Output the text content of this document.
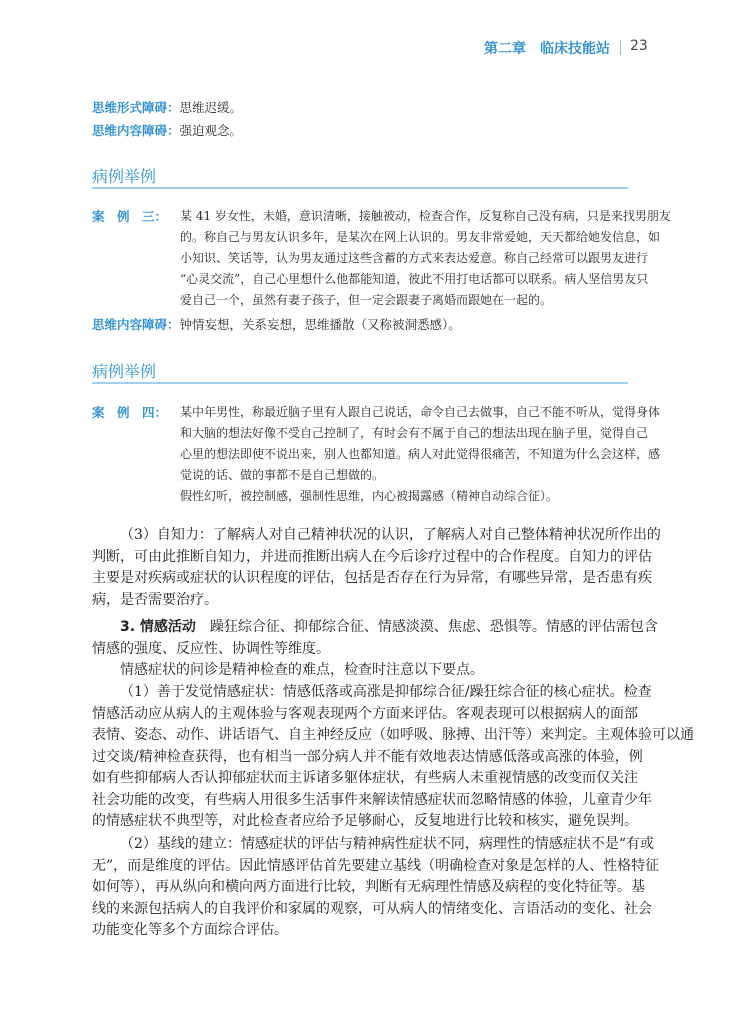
第二章　临床技能站 23
思维形式障碍：思维迟缓。
思维内容障碍：强迫观念。
病例举例
案　例　三：	某 41 岁女性，未婚，意识清晰，接触被动，检查合作，反复称自己没有病，只是来找男朋友
的。称自己与男友认识多年，是某次在网上认识的。男友非常爱她，天天都给她发信息，如
小知识、笑话等，认为男友通过这些含蓄的方式来表达爱意。称自己经常可以跟男友进行
“心灵交流”，自己心里想什么他都能知道，彼此不用打电话都可以联系。病人坚信男友只
爱自己一个，虽然有妻子孩子，但一定会跟妻子离婚而跟她在一起的。
思维内容障碍：钟情妄想，关系妄想，思维播散（又称被洞悉感）。
病例举例
案　例　四：	某中年男性，称最近脑子里有人跟自己说话，命令自己去做事，自己不能不听从，觉得身体
和大脑的想法好像不受自己控制了，有时会有不属于自己的想法出现在脑子里，觉得自己
心里的想法即使不说出来，别人也都知道。病人对此觉得很痛苦，不知道为什么会这样，感
觉说的话、做的事都不是自己想做的。
假性幻听，被控制感，强制性思维，内心被揭露感（精神自动综合征）。
（3）自知力：了解病人对自己精神状况的认识，了解病人对自己整体精神状况所作出的
判断，可由此推断自知力，并进而推断出病人在今后诊疗过程中的合作程度。自知力的评估
主要是对疾病或症状的认识程度的评估，包括是否存在行为异常，有哪些异常，是否患有疾
病，是否需要治疗。
3. 情感活动　躁狂综合征、抑郁综合征、情感淡漠、焦虑、恐惧等。情感的评估需包含
情感的强度、反应性、协调性等维度。
情感症状的问诊是精神检查的难点，检查时注意以下要点。
（1）善于发觉情感症状：情感低落或高涨是抑郁综合征/躁狂综合征的核心症状。检查
情感活动应从病人的主观体验与客观表现两个方面来评估。客观表现可以根据病人的面部
表情、姿态、动作、讲话语气、自主神经反应（如呼吸、脉搏、出汗等）来判定。主观体验可以通
过交谈/精神检查获得，也有相当一部分病人并不能有效地表达情感低落或高涨的体验，例
如有些抑郁病人否认抑郁症状而主诉诸多躯体症状，有些病人未重视情感的改变而仅关注
社会功能的改变，有些病人用很多生活事件来解读情感症状而忽略情感的体验，儿童青少年
的情感症状不典型等，对此检查者应给予足够耐心，反复地进行比较和核实，避免误判。
（2）基线的建立：情感症状的评估与精神病性症状不同，病理性的情感症状不是“有或
无”，而是维度的评估。因此情感评估首先要建立基线（明确检查对象是怎样的人、性格特征
如何等），再从纵向和横向两方面进行比较，判断有无病理性情感及病程的变化特征等。基
线的来源包括病人的自我评价和家属的观察，可从病人的情绪变化、言语活动的变化、社会
功能变化等多个方面综合评估。
